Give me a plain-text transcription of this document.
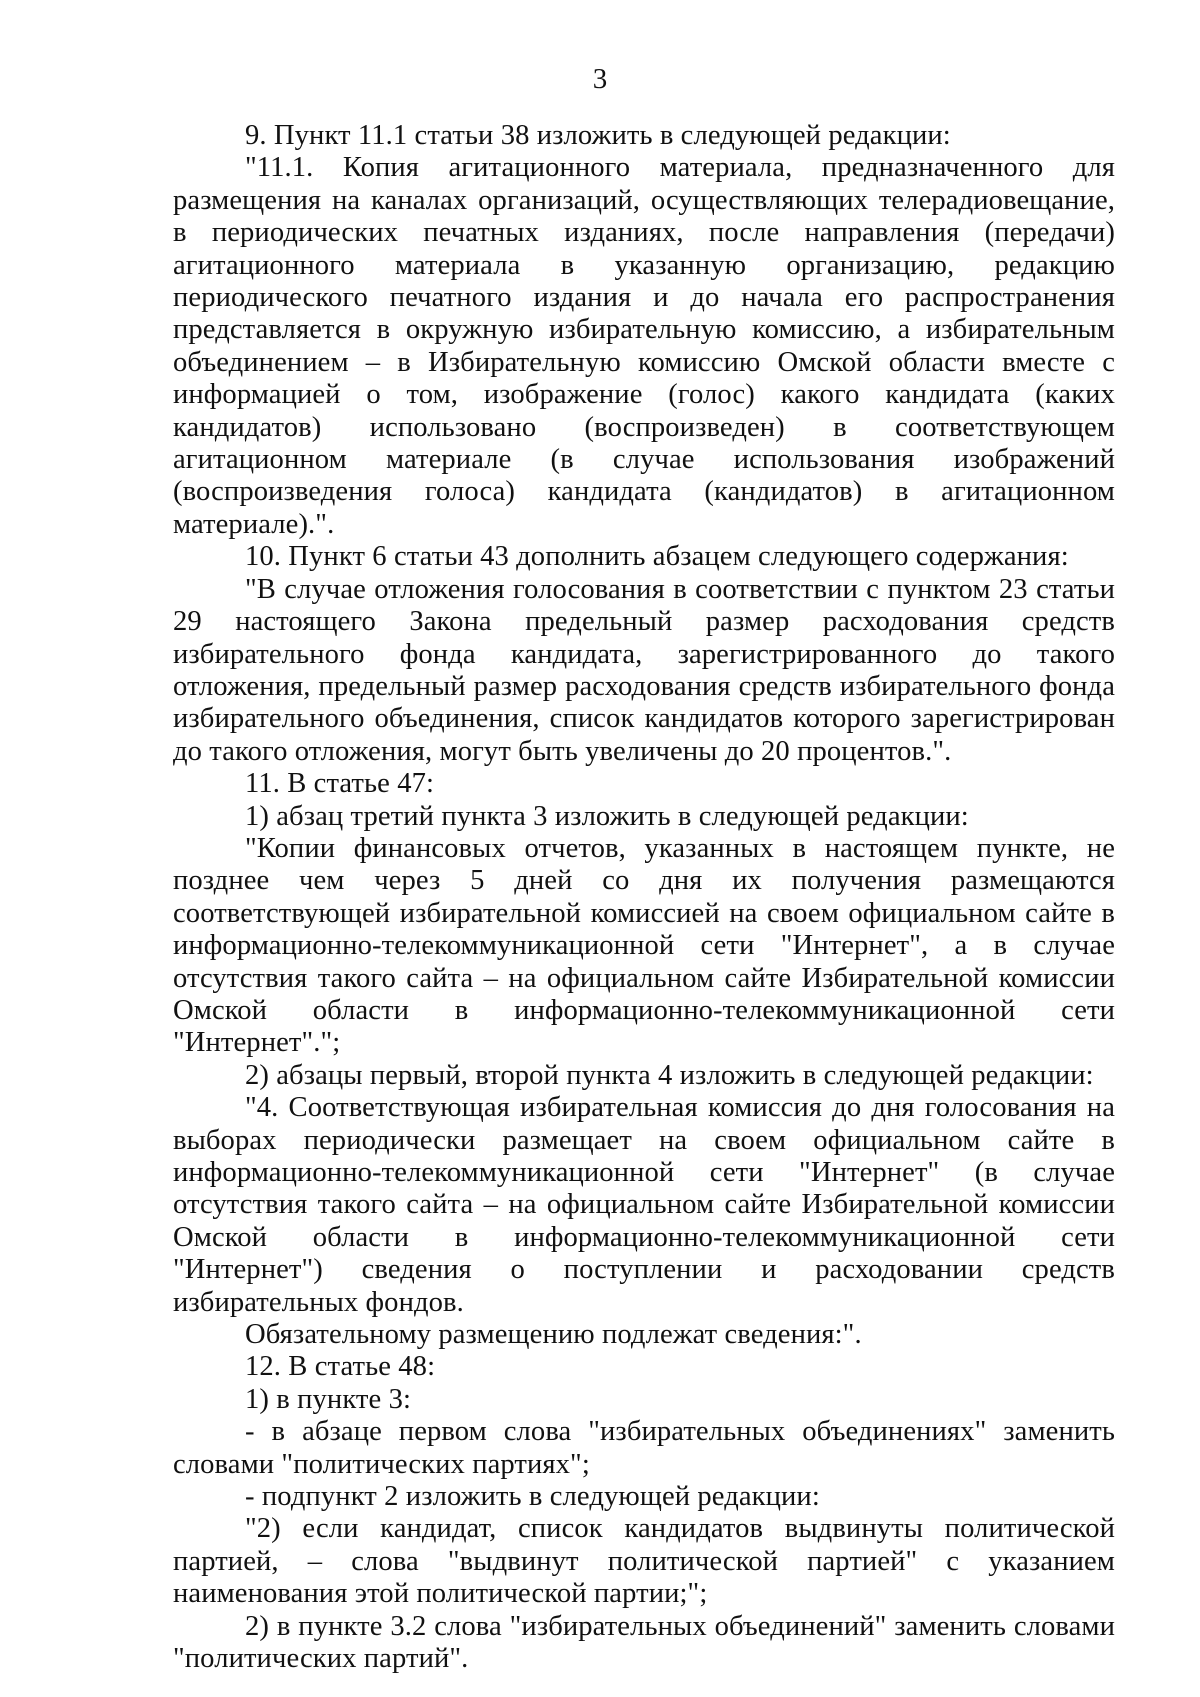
3

9. Пункт 11.1 статьи 38 изложить в следующей редакции:

"11.1. Копия агитационного материала, предназначенного для размещения на каналах организаций, осуществляющих телерадиовещание, в периодических печатных изданиях, после направления (передачи) агитационного материала в указанную организацию, редакцию периодического печатного издания и до начала его распространения представляется в окружную избирательную комиссию, а избирательным объединением – в Избирательную комиссию Омской области вместе с информацией о том, изображение (голос) какого кандидата (каких кандидатов) использовано (воспроизведен) в соответствующем агитационном материале (в случае использования изображений (воспроизведения голоса) кандидата (кандидатов) в агитационном материале).".

10. Пункт 6 статьи 43 дополнить абзацем следующего содержания:

"В случае отложения голосования в соответствии с пунктом 23 статьи 29 настоящего Закона предельный размер расходования средств избирательного фонда кандидата, зарегистрированного до такого отложения, предельный размер расходования средств избирательного фонда избирательного объединения, список кандидатов которого зарегистрирован до такого отложения, могут быть увеличены до 20 процентов.".

11. В статье 47:

1) абзац третий пункта 3 изложить в следующей редакции:

"Копии финансовых отчетов, указанных в настоящем пункте, не позднее чем через 5 дней со дня их получения размещаются соответствующей избирательной комиссией на своем официальном сайте в информационно-телекоммуникационной сети "Интернет", а в случае отсутствия такого сайта – на официальном сайте Избирательной комиссии Омской области в информационно-телекоммуникационной сети "Интернет".";

2) абзацы первый, второй пункта 4 изложить в следующей редакции:

"4. Соответствующая избирательная комиссия до дня голосования на выборах периодически размещает на своем официальном сайте в информационно-телекоммуникационной сети "Интернет" (в случае отсутствия такого сайта – на официальном сайте Избирательной комиссии Омской области в информационно-телекоммуникационной сети "Интернет") сведения о поступлении и расходовании средств избирательных фондов.

Обязательному размещению подлежат сведения:".

12. В статье 48:

1) в пункте 3:

- в абзаце первом слова "избирательных объединениях" заменить словами "политических партиях";

- подпункт 2 изложить в следующей редакции:

"2) если кандидат, список кандидатов выдвинуты политической партией, – слова "выдвинут политической партией" с указанием наименования этой политической партии;";

2) в пункте 3.2 слова "избирательных объединений" заменить словами "политических партий".
